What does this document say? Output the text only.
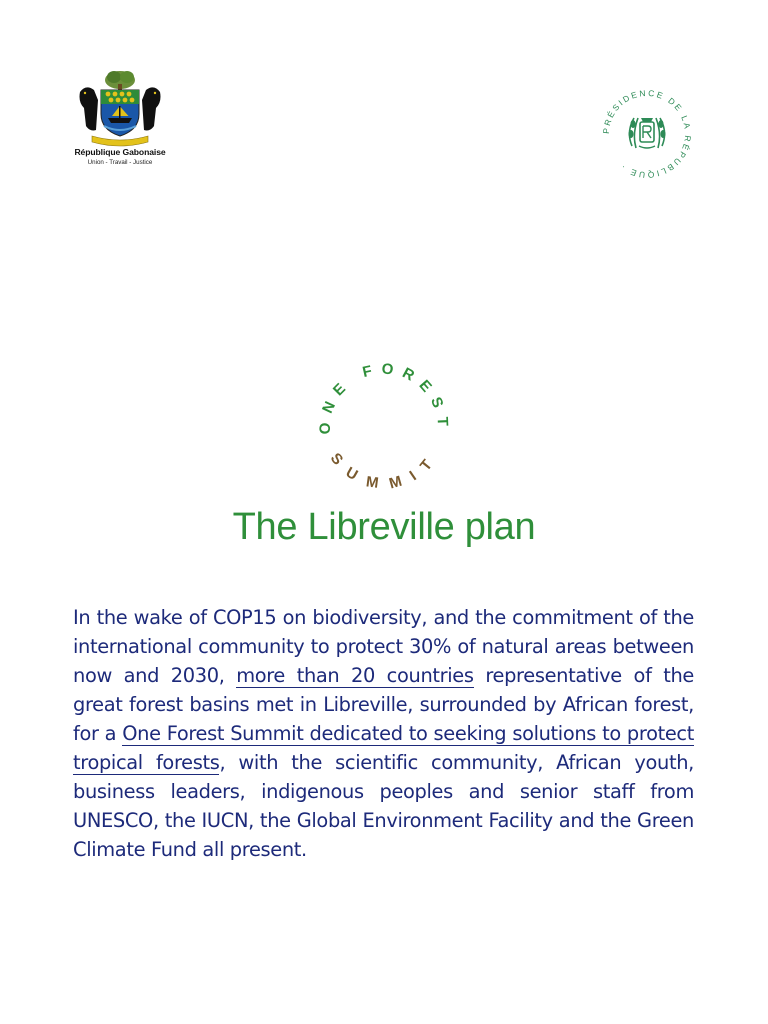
République Gabonaise
Union - Travail - Justice
PRÉSIDENCE DE LA RÉPUBLIQUE ·
ONE FOREST
SUMMIT
The Libreville plan

In the wake of COP15 on biodiversity, and the commitment of the international community to protect 30% of natural areas between now and 2030, more than 20 countries representative of the great forest basins met in Libreville, surrounded by African forest, for a One Forest Summit dedicated to seeking solutions to protect tropical forests, with the scientific community, African youth, business leaders, indigenous peoples and senior staff from UNESCO, the IUCN, the Global Environment Facility and the Green Climate Fund all present.
